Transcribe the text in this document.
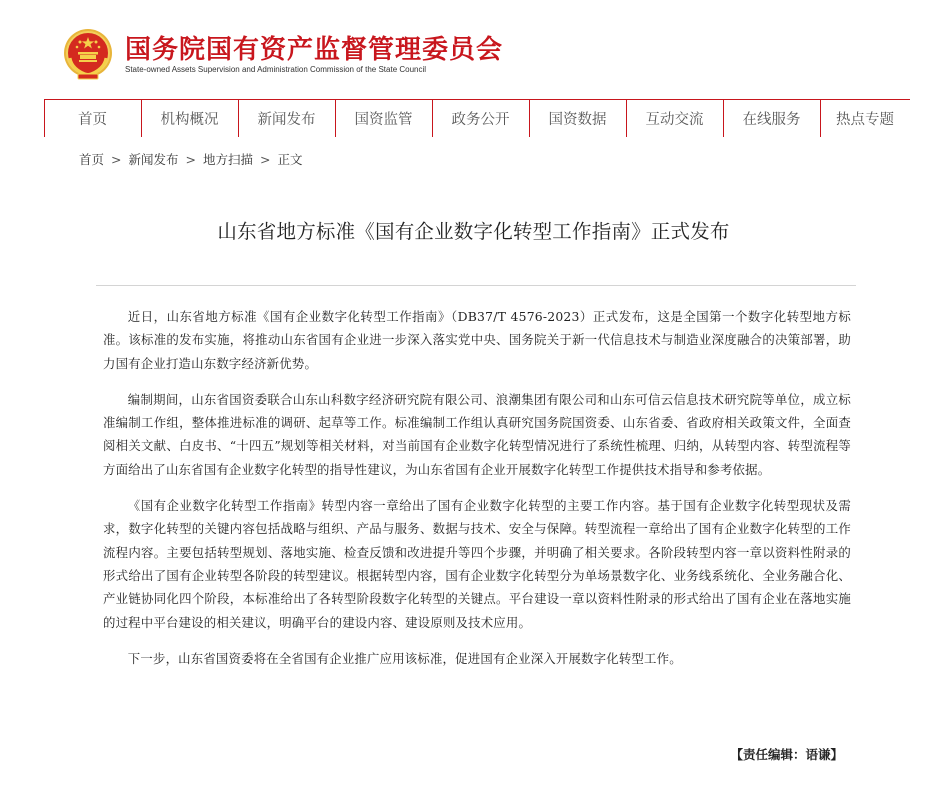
国务院国有资产监督管理委员会
State-owned Assets Supervision and Administration Commission of the State Council
首页	机构概况	新闻发布	国资监管	政务公开	国资数据	互动交流	在线服务	热点专题
首页 > 新闻发布 > 地方扫描 > 正文
山东省地方标准《国有企业数字化转型工作指南》正式发布

近日，山东省地方标准《国有企业数字化转型工作指南》（DB37/T 4576-2023）正式发布，这是全国第一个数字化转型地方标准。该标准的发布实施，将推动山东省国有企业进一步深入落实党中央、国务院关于新一代信息技术与制造业深度融合的决策部署，助力国有企业打造山东数字经济新优势。

编制期间，山东省国资委联合山东山科数字经济研究院有限公司、浪潮集团有限公司和山东可信云信息技术研究院等单位，成立标准编制工作组，整体推进标准的调研、起草等工作。标准编制工作组认真研究国务院国资委、山东省委、省政府相关政策文件，全面查阅相关文献、白皮书、“十四五”规划等相关材料，对当前国有企业数字化转型情况进行了系统性梳理、归纳，从转型内容、转型流程等方面给出了山东省国有企业数字化转型的指导性建议，为山东省国有企业开展数字化转型工作提供技术指导和参考依据。

《国有企业数字化转型工作指南》转型内容一章给出了国有企业数字化转型的主要工作内容。基于国有企业数字化转型现状及需求，数字化转型的关键内容包括战略与组织、产品与服务、数据与技术、安全与保障。转型流程一章给出了国有企业数字化转型的工作流程内容。主要包括转型规划、落地实施、检查反馈和改进提升等四个步骤，并明确了相关要求。各阶段转型内容一章以资料性附录的形式给出了国有企业转型各阶段的转型建议。根据转型内容，国有企业数字化转型分为单场景数字化、业务线系统化、全业务融合化、产业链协同化四个阶段，本标准给出了各转型阶段数字化转型的关键点。平台建设一章以资料性附录的形式给出了国有企业在落地实施的过程中平台建设的相关建议，明确平台的建设内容、建设原则及技术应用。

下一步，山东省国资委将在全省国有企业推广应用该标准，促进国有企业深入开展数字化转型工作。

【责任编辑：语谦】
